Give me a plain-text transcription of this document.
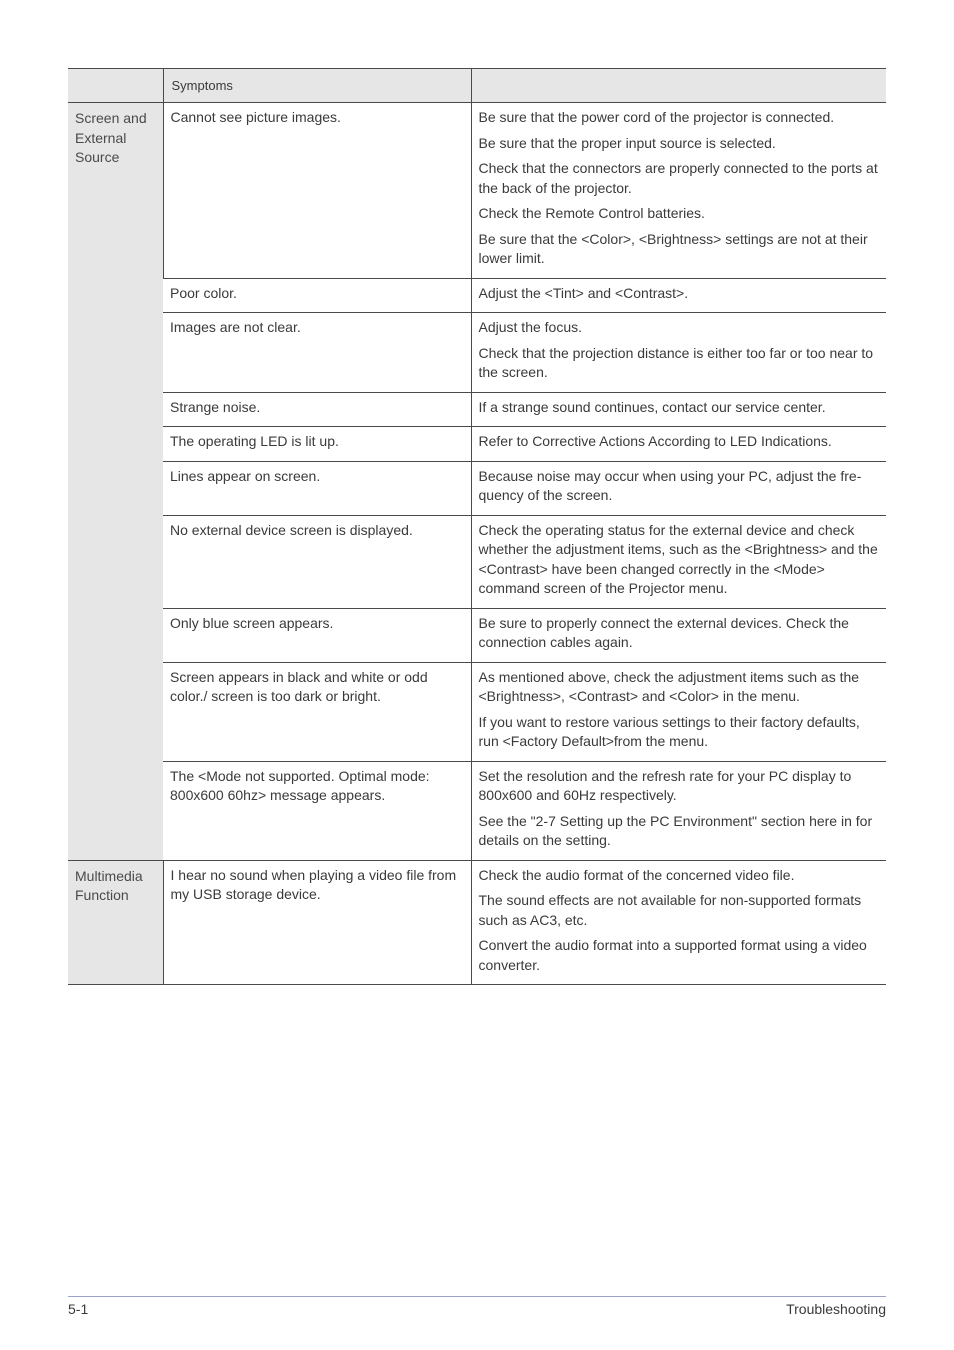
	Symptoms	
Screen and External Source	Cannot see picture images.	Be sure that the power cord of the projector is connected.

Be sure that the proper input source is selected.

Check that the connectors are properly connected to the ports at the back of the projector.

Check the Remote Control batteries.

Be sure that the <Color>, <Brightness> settings are not at their lower limit.

	Poor color.	Adjust the <Tint> and <Contrast>.

	Images are not clear.	Adjust the focus.

Check that the projection distance is either too far or too near to the screen.

	Strange noise.	If a strange sound continues, contact our service center.

	The operating LED is lit up.	Refer to Corrective Actions According to LED Indications.

	Lines appear on screen.	Because noise may occur when using your PC, adjust the fre-quency of the screen.

	No external device screen is displayed.	Check the operating status for the external device and check whether the adjustment items, such as the <Brightness> and the <Contrast> have been changed correctly in the <Mode> command screen of the Projector menu.

	Only blue screen appears.	Be sure to properly connect the external devices. Check the connection cables again.

	Screen appears in black and white or odd color./ screen is too dark or bright.	As mentioned above, check the adjustment items such as the <Brightness>, <Contrast> and <Color> in the menu.

If you want to restore various settings to their factory defaults, run <Factory Default>from the menu.

	The <Mode not supported. Optimal mode: 800x600 60hz> message appears.	Set the resolution and the refresh rate for your PC display to 800x600 and 60Hz respectively.

See the "2-7 Setting up the PC Environment" section here in for details on the setting.

Multimedia Function	I hear no sound when playing a video file from my USB storage device.	Check the audio format of the concerned video file.

The sound effects are not available for non-supported formats such as AC3, etc.

Convert the audio format into a supported format using a video converter.

5-1	Troubleshooting
